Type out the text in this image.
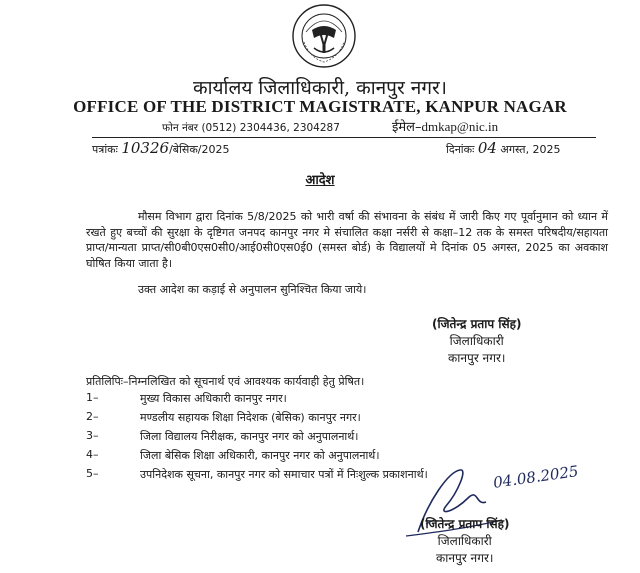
कार्यालय जिलाधिकारी, कानपुर नगर।
OFFICE OF THE DISTRICT MAGISTRATE, KANPUR NAGAR
फोन नंबर (0512) 2304436, 2304287	ईमेल–dmkap@nic.in
पत्रांकः 10326/बेसिक/2025	दिनांकः 04 अगस्त, 2025
आदेश
मौसम विभाग द्वारा दिनांक 5/8/2025 को भारी वर्षा की संभावना के संबंध में जारी किए गए पूर्वानुमान को ध्यान में रखते हुए बच्चों की सुरक्षा के दृष्टिगत जनपद कानपुर नगर मे संचालित कक्षा नर्सरी से कक्षा–12 तक के समस्त परिषदीय/सहायता प्राप्त/मान्यता प्राप्त/सी0बी0एस0सी0/आई0सी0एस0ई0 (समस्त बोर्ड) के विद्यालयों मे दिनांक 05 अगस्त, 2025 का अवकाश घोषित किया जाता है।
उक्त आदेश का कड़ाई से अनुपालन सुनिश्चित किया जाये।
(जितेन्द्र प्रताप सिंह)
जिलाधिकारी
कानपुर नगर।
प्रतिलिपिः–निम्नलिखित को सूचनार्थ एवं आवश्यक कार्यवाही हेतु प्रेषित।
1–	मुख्य विकास अधिकारी कानपुर नगर।
2–	मण्डलीय सहायक शिक्षा निदेशक (बेसिक) कानपुर नगर।
3–	जिला विद्यालय निरीक्षक, कानपुर नगर को अनुपालनार्थ।
4–	जिला बेसिक शिक्षा अधिकारी, कानपुर नगर को अनुपालनार्थ।
5–	उपनिदेशक सूचना, कानपुर नगर को समाचार पत्रों में निःशुल्क प्रकाशनार्थ।	04.08.2025
(जितेन्द्र प्रताप सिंह)
जिलाधिकारी
कानपुर नगर।
